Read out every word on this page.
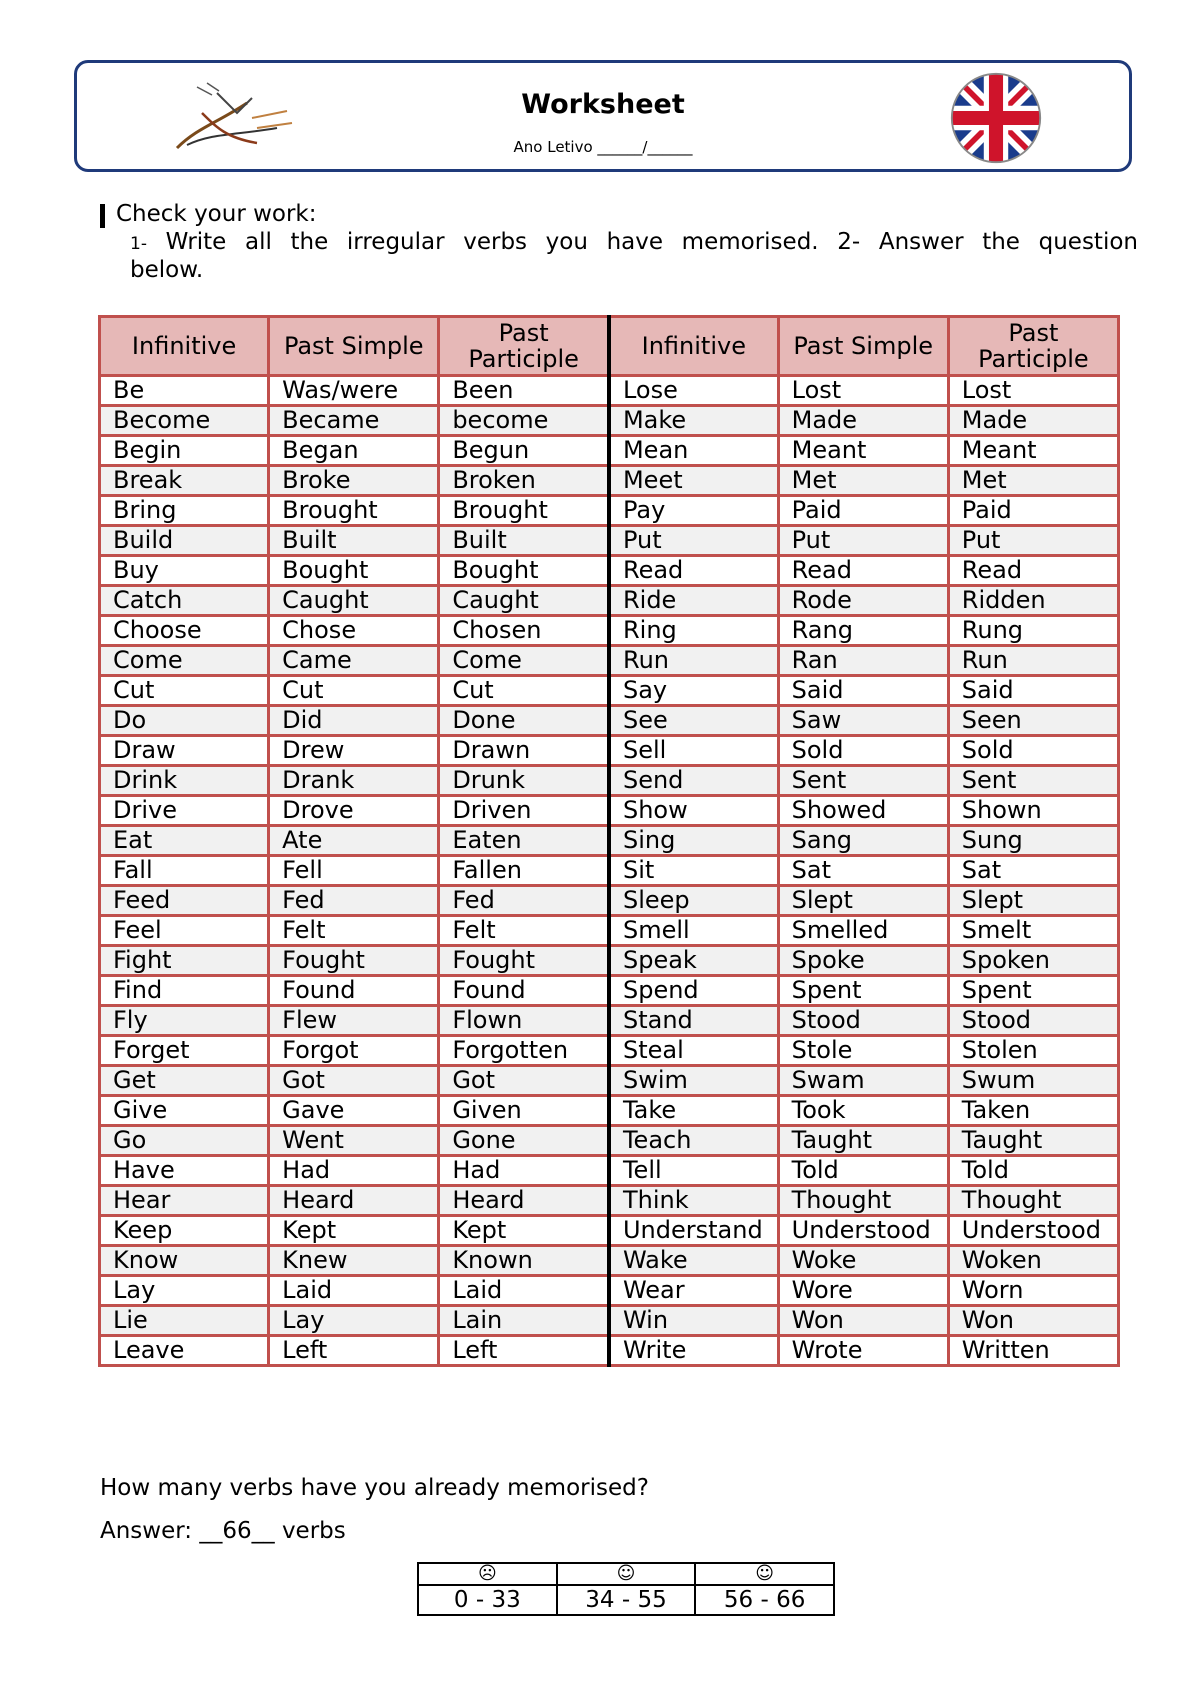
Worksheet
Ano Letivo ______/______
Check your work:
1- Write all the irregular verbs you have memorised. 2- Answer the question
below.
Infinitive	Past Simple	Past Participle	Infinitive	Past Simple	Past Participle
Be	Was/were	Been	Lose	Lost	Lost
Become	Became	become	Make	Made	Made
Begin	Began	Begun	Mean	Meant	Meant
Break	Broke	Broken	Meet	Met	Met
Bring	Brought	Brought	Pay	Paid	Paid
Build	Built	Built	Put	Put	Put
Buy	Bought	Bought	Read	Read	Read
Catch	Caught	Caught	Ride	Rode	Ridden
Choose	Chose	Chosen	Ring	Rang	Rung
Come	Came	Come	Run	Ran	Run
Cut	Cut	Cut	Say	Said	Said
Do	Did	Done	See	Saw	Seen
Draw	Drew	Drawn	Sell	Sold	Sold
Drink	Drank	Drunk	Send	Sent	Sent
Drive	Drove	Driven	Show	Showed	Shown
Eat	Ate	Eaten	Sing	Sang	Sung
Fall	Fell	Fallen	Sit	Sat	Sat
Feed	Fed	Fed	Sleep	Slept	Slept
Feel	Felt	Felt	Smell	Smelled	Smelt
Fight	Fought	Fought	Speak	Spoke	Spoken
Find	Found	Found	Spend	Spent	Spent
Fly	Flew	Flown	Stand	Stood	Stood
Forget	Forgot	Forgotten	Steal	Stole	Stolen
Get	Got	Got	Swim	Swam	Swum
Give	Gave	Given	Take	Took	Taken
Go	Went	Gone	Teach	Taught	Taught
Have	Had	Had	Tell	Told	Told
Hear	Heard	Heard	Think	Thought	Thought
Keep	Kept	Kept	Understand	Understood	Understood
Know	Knew	Known	Wake	Woke	Woken
Lay	Laid	Laid	Wear	Wore	Worn
Lie	Lay	Lain	Win	Won	Won
Leave	Left	Left	Write	Wrote	Written
How many verbs have you already memorised?
Answer: __66__ verbs
☹	☺	☺
0 - 33	34 - 55	56 - 66
